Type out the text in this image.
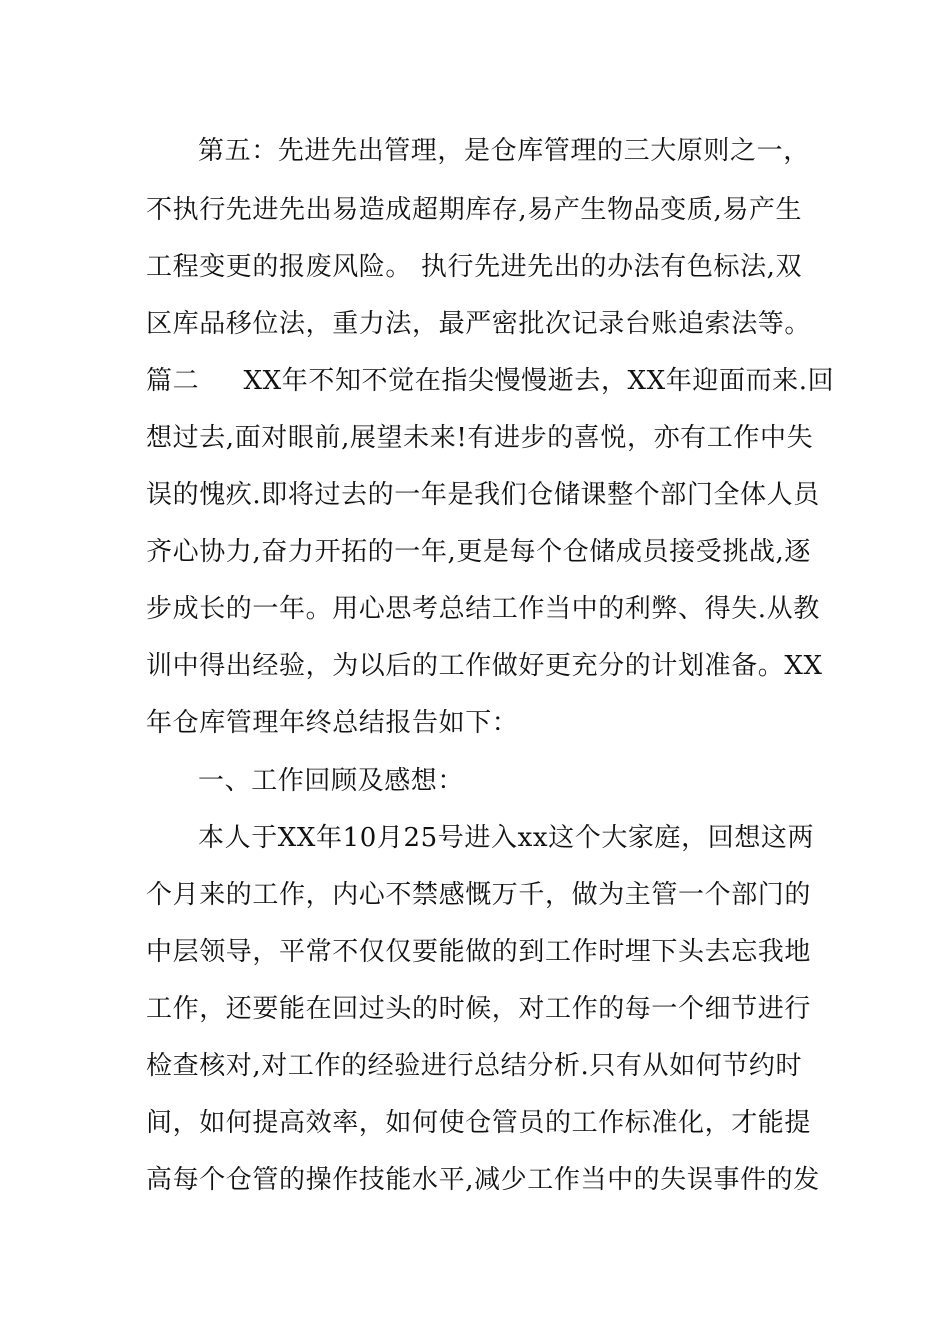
第五：先进先出管理，是仓库管理的三大原则之一，
不执行先进先出易造成超期库存,易产生物品变质,易产生
工程变更的报废风险。 执行先进先出的办法有色标法,双
区库品移位法，重力法，最严密批次记录台账追索法等。
篇二     XX年不知不觉在指尖慢慢逝去，XX年迎面而来.回
想过去,面对眼前,展望未来!有进步的喜悦，亦有工作中失
误的愧疚.即将过去的一年是我们仓储课整个部门全体人员
齐心协力,奋力开拓的一年,更是每个仓储成员接受挑战,逐
步成长的一年。用心思考总结工作当中的利弊、得失.从教
训中得出经验，为以后的工作做好更充分的计划准备。XX
年仓库管理年终总结报告如下：
一、工作回顾及感想：
本人于XX年10月25号进入xx这个大家庭，回想这两
个月来的工作，内心不禁感慨万千，做为主管一个部门的
中层领导，平常不仅仅要能做的到工作时埋下头去忘我地
工作，还要能在回过头的时候，对工作的每一个细节进行
检查核对,对工作的经验进行总结分析.只有从如何节约时
间，如何提高效率，如何使仓管员的工作标准化，才能提
高每个仓管的操作技能水平,减少工作当中的失误事件的发
